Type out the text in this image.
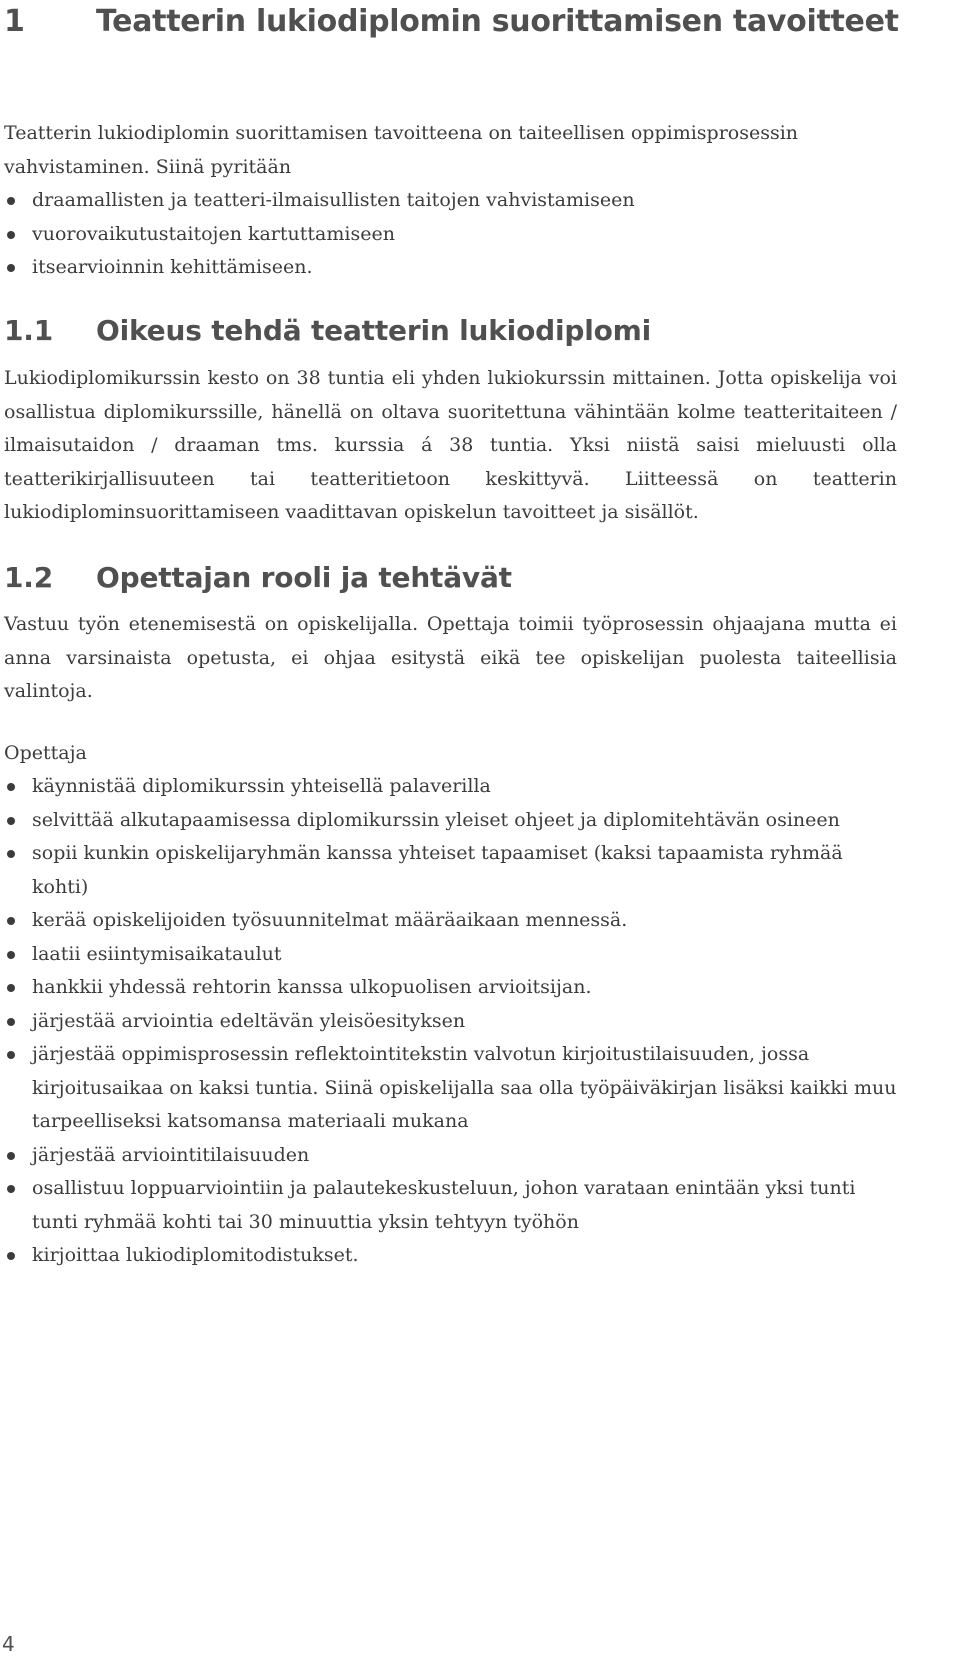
1 Teatterin lukiodiplomin suorittamisen tavoitteet

Teatterin lukiodiplomin suorittamisen tavoitteena on taiteellisen oppimisprosessin vahvistaminen. Siinä pyritään

draamallisten ja teatteri-ilmaisullisten taitojen vahvistamiseen
vuorovaikutustaitojen kartuttamiseen
itsearvioinnin kehittämiseen.
1.1 Oikeus tehdä teatterin lukiodiplomi

Lukiodiplomikurssin kesto on 38 tuntia eli yhden lukiokurssin mittainen. Jotta opiskelija voi osallistua diplomikurssille, hänellä on oltava suoritettuna vähintään kolme teatteritaiteen / ilmaisutaidon / draaman tms. kurssia á 38 tuntia. Yksi niistä saisi mieluusti olla teatterikirjallisuuteen tai teatteritietoon keskittyvä. Liitteessä on teatterin lukiodiplominsuorittamiseen vaadittavan opiskelun tavoitteet ja sisällöt.

1.2 Opettajan rooli ja tehtävät

Vastuu työn etenemisestä on opiskelijalla. Opettaja toimii työprosessin ohjaajana mutta ei anna varsinaista opetusta, ei ohjaa esitystä eikä tee opiskelijan puolesta taiteellisia valintoja.

Opettaja

käynnistää diplomikurssin yhteisellä palaverilla
selvittää alkutapaamisessa diplomikurssin yleiset ohjeet ja diplomitehtävän osineen
sopii kunkin opiskelijaryhmän kanssa yhteiset tapaamiset (kaksi tapaamista ryhmää kohti)
kerää opiskelijoiden työsuunnitelmat määräaikaan mennessä.
laatii esiintymisaikataulut
hankkii yhdessä rehtorin kanssa ulkopuolisen arvioitsijan.
järjestää arviointia edeltävän yleisöesityksen
järjestää oppimisprosessin reflektointitekstin valvotun kirjoitustilaisuuden, jossa kirjoitusaikaa on kaksi tuntia. Siinä opiskelijalla saa olla työpäiväkirjan lisäksi kaikki muu tarpeelliseksi katsomansa materiaali mukana
järjestää arviointitilaisuuden
osallistuu loppuarviointiin ja palautekeskusteluun, johon varataan enintään yksi tunti tunti ryhmää kohti tai 30 minuuttia yksin tehtyyn työhön
kirjoittaa lukiodiplomitodistukset.
4
